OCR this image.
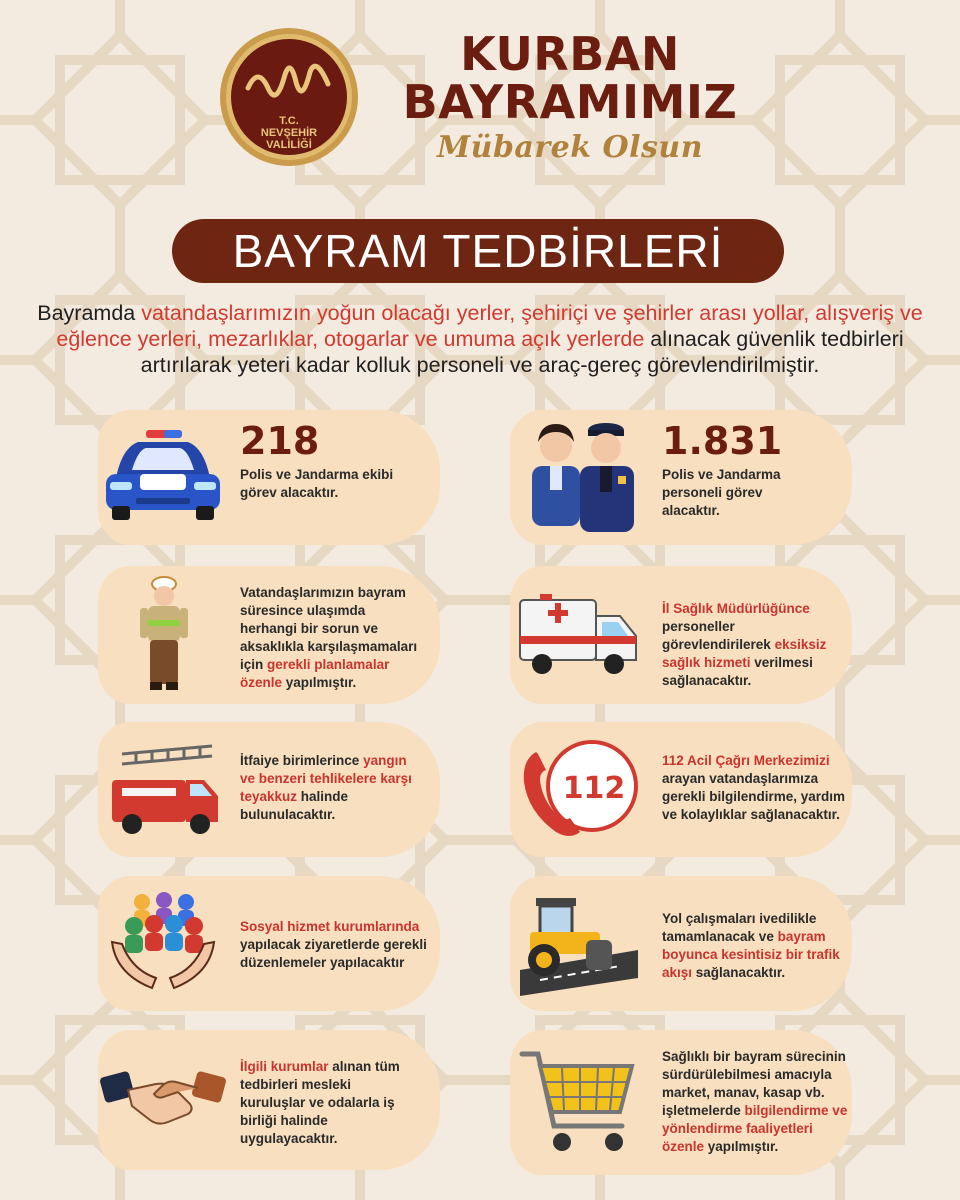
T.C.
NEVŞEHİR
VALİLİĞİ
KURBAN
BAYRAMIMIZ
Mübarek Olsun
BAYRAM TEDBİRLERİ
Bayramda vatandaşlarımızın yoğun olacağı yerler, şehiriçi ve şehirler arası yollar, alışveriş ve eğlence yerleri, mezarlıklar, otogarlar ve umuma açık yerlerde alınacak güvenlik tedbirleri artırılarak yeteri kadar kolluk personeli ve araç-gereç görevlendirilmiştir.
218
Polis ve Jandarma ekibi görev alacaktır.
1.831
Polis ve Jandarma personeli görev alacaktır.
Vatandaşlarımızın bayram süresince ulaşımda herhangi bir sorun ve aksaklıkla karşılaşmamaları için gerekli planlamalar özenle yapılmıştır.
İl Sağlık Müdürlüğünce personeller görevlendirilerek eksiksiz sağlık hizmeti verilmesi sağlanacaktır.
İtfaiye birimlerince yangın ve benzeri tehlikelere karşı teyakkuz halinde bulunulacaktır.
112
112 Acil Çağrı Merkezimizi arayan vatandaşlarımıza gerekli bilgilendirme, yardım ve kolaylıklar sağlanacaktır.
Sosyal hizmet kurumlarında yapılacak ziyaretlerde gerekli düzenlemeler yapılacaktır
Yol çalışmaları ivedilikle tamamlanacak ve bayram boyunca kesintisiz bir trafik akışı sağlanacaktır.
İlgili kurumlar alınan tüm tedbirleri mesleki kuruluşlar ve odalarla iş birliği halinde uygulayacaktır.
Sağlıklı bir bayram sürecinin sürdürülebilmesi amacıyla market, manav, kasap vb. işletmelerde bilgilendirme ve yönlendirme faaliyetleri özenle yapılmıştır.
